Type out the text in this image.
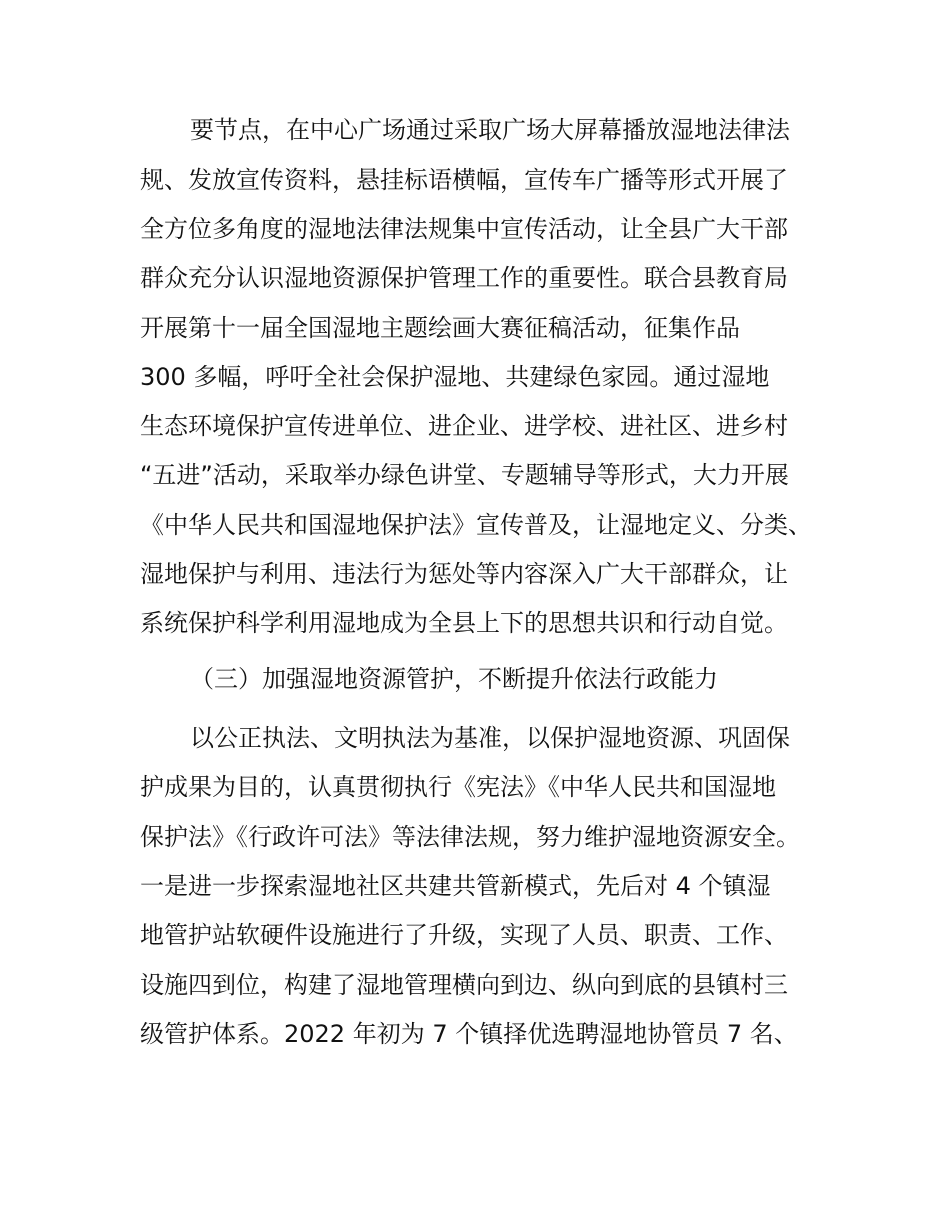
要节点，在中心广场通过采取广场大屏幕播放湿地法律法
规、发放宣传资料，悬挂标语横幅，宣传车广播等形式开展了
全方位多角度的湿地法律法规集中宣传活动，让全县广大干部
群众充分认识湿地资源保护管理工作的重要性。联合县教育局
开展第十一届全国湿地主题绘画大赛征稿活动，征集作品
300 多幅，呼吁全社会保护湿地、共建绿色家园。通过湿地
生态环境保护宣传进单位、进企业、进学校、进社区、进乡村
“五进”活动，采取举办绿色讲堂、专题辅导等形式，大力开展
《中华人民共和国湿地保护法》宣传普及，让湿地定义、分类、
湿地保护与利用、违法行为惩处等内容深入广大干部群众，让
系统保护科学利用湿地成为全县上下的思想共识和行动自觉。
（三）加强湿地资源管护，不断提升依法行政能力
以公正执法、文明执法为基准，以保护湿地资源、巩固保
护成果为目的，认真贯彻执行《宪法》《中华人民共和国湿地
保护法》《行政许可法》等法律法规，努力维护湿地资源安全。
一是进一步探索湿地社区共建共管新模式，先后对 4 个镇湿
地管护站软硬件设施进行了升级，实现了人员、职责、工作、
设施四到位，构建了湿地管理横向到边、纵向到底的县镇村三
级管护体系。2022 年初为 7 个镇择优选聘湿地协管员 7 名、
